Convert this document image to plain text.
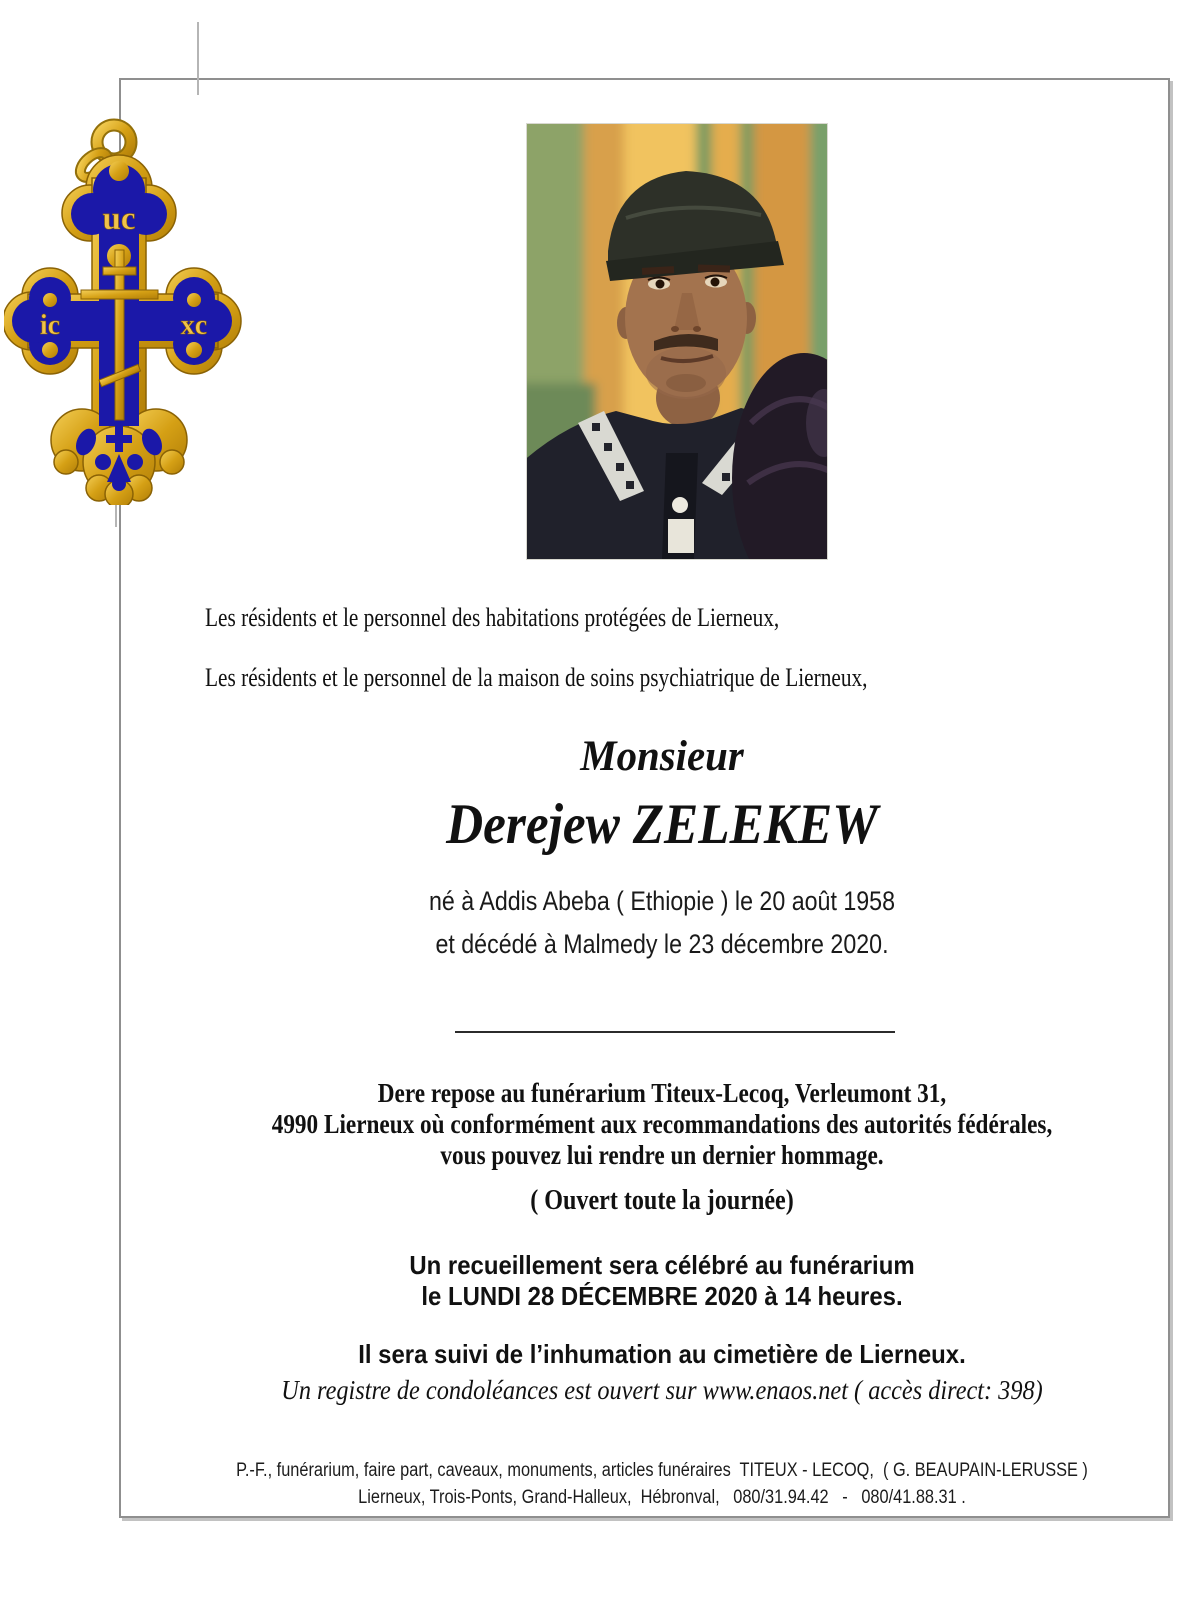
uc
ic	xc
Les résidents et le personnel des habitations protégées de Lierneux,
Les résidents et le personnel de la maison de soins psychiatrique de Lierneux,
Monsieur
Derejew ZELEKEW
né à Addis Abeba ( Ethiopie ) le 20 août 1958
et décédé à Malmedy le 23 décembre 2020.
Dere repose au funérarium Titeux-Lecoq, Verleumont 31,
4990 Lierneux où conformément aux recommandations des autorités fédérales,
vous pouvez lui rendre un dernier hommage.
( Ouvert toute la journée)
Un recueillement sera célébré au funérarium
le LUNDI 28 DÉCEMBRE 2020 à 14 heures.
Il sera suivi de l’inhumation au cimetière de Lierneux.
Un registre de condoléances est ouvert sur www.enaos.net ( accès direct: 398)
P.-F., funérarium, faire part, caveaux, monuments, articles funéraires  TITEUX - LECOQ,  ( G. BEAUPAIN-LERUSSE )
Lierneux, Trois-Ponts, Grand-Halleux,  Hébronval,   080/31.94.42   -   080/41.88.31 .
